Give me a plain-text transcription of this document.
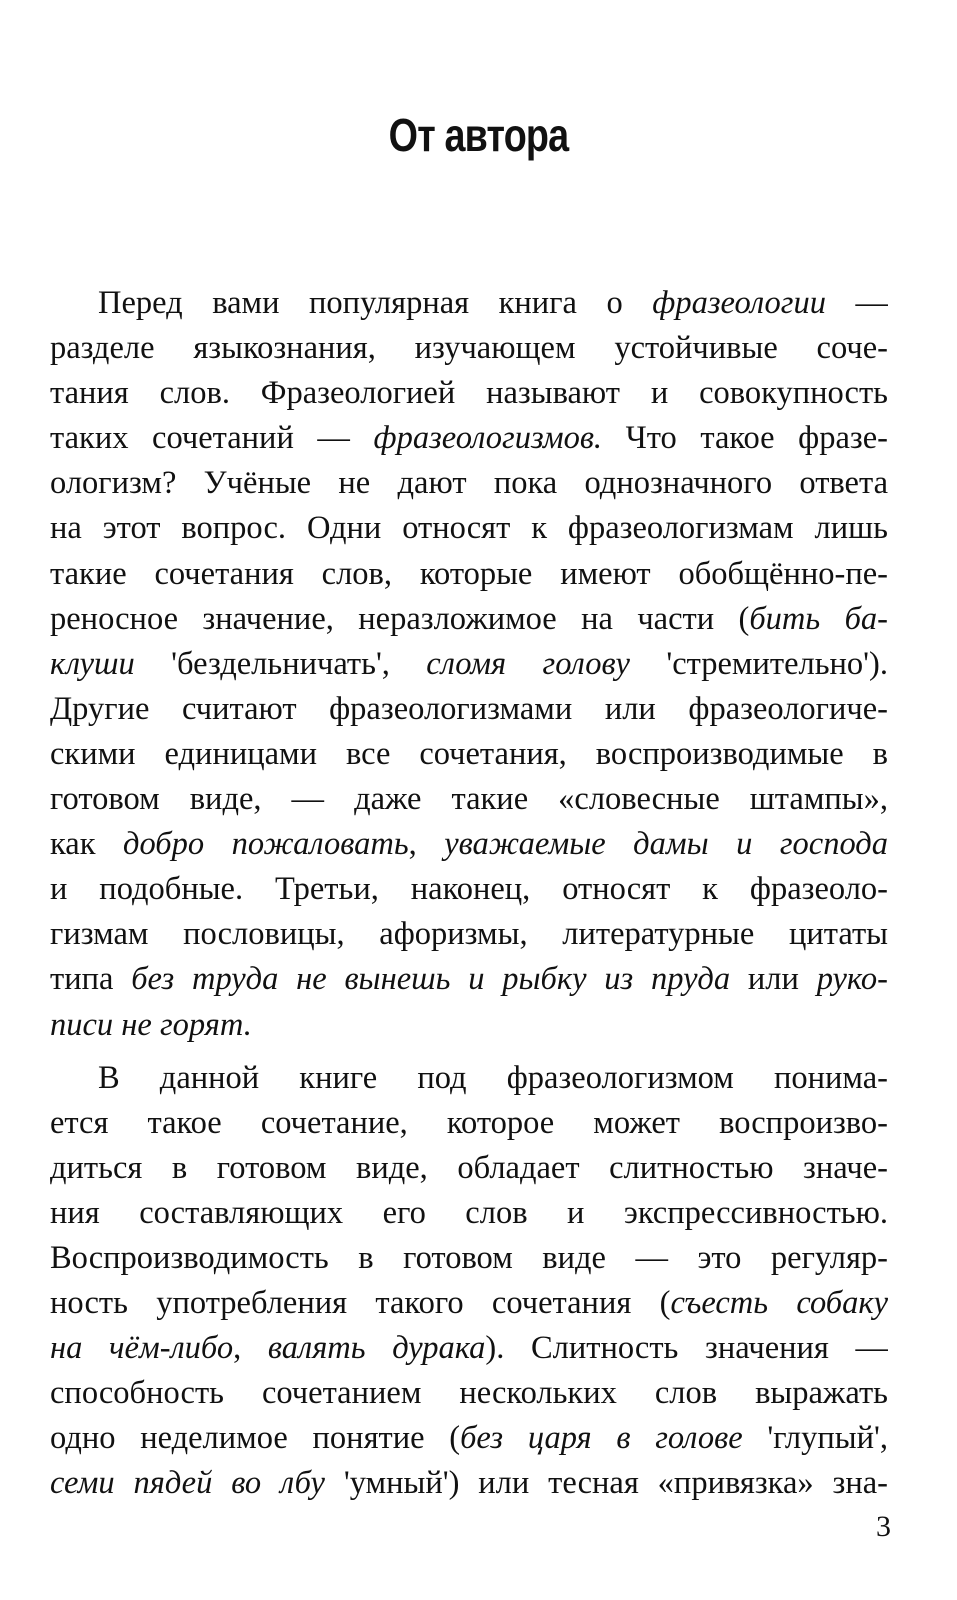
От автора
Перед вами популярная книга о фразеологии —
разделе языкознания, изучающем устойчивые соче-
тания слов. Фразеологией называют и совокупность
таких сочетаний — фразеологизмов. Что такое фразе-
ологизм? Учёные не дают пока однозначного ответа
на этот вопрос. Одни относят к фразеологизмам лишь
такие сочетания слов, которые имеют обобщённо-пе-
реносное значение, неразложимое на части (бить ба-
клуши 'бездельничать', сломя голову 'стремительно').
Другие считают фразеологизмами или фразеологиче-
скими единицами все сочетания, воспроизводимые в
готовом виде, — даже такие «словесные штампы»,
как добро пожаловать, уважаемые дамы и господа
и подобные. Третьи, наконец, относят к фразеоло-
гизмам пословицы, афоризмы, литературные цитаты
типа без труда не вынешь и рыбку из пруда или руко-
писи не горят.
В данной книге под фразеологизмом понима-
ется такое сочетание, которое может воспроизво-
диться в готовом виде, обладает слитностью значе-
ния составляющих его слов и экспрессивностью.
Воспроизводимость в готовом виде — это регуляр-
ность употребления такого сочетания (съесть собаку
на чём-либо, валять дурака). Слитность значения —
способность сочетанием нескольких слов выражать
одно неделимое понятие (без царя в голове 'глупый',
семи пядей во лбу 'умный') или тесная «привязка» зна-
3
